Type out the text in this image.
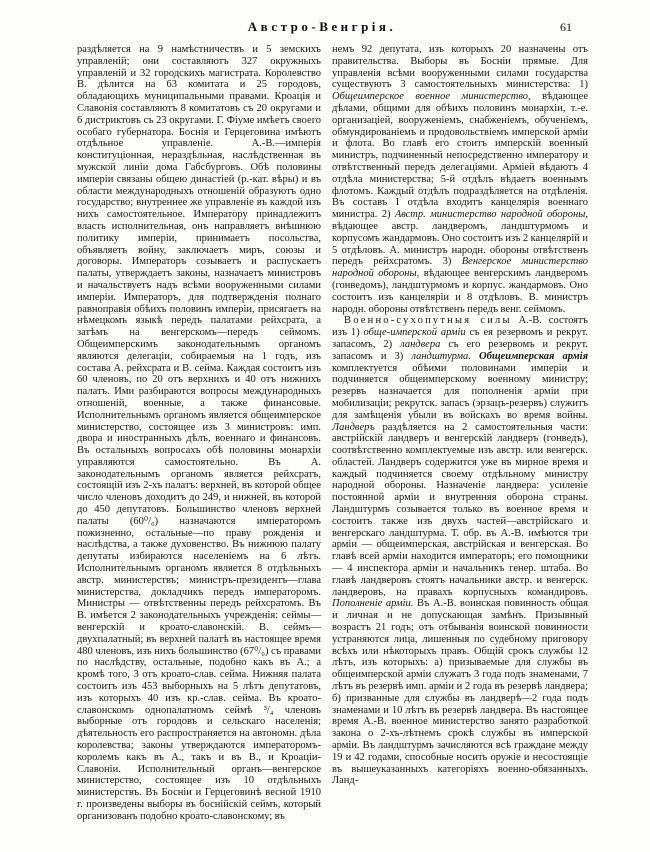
Австро-Венгрія.	61

раздѣляется на 9 намѣстничествъ и 5 земскихъ управленій; они составляютъ 327 окружныхъ управленій и 32 городскихъ магистрата. Королевство В. дѣлится на 63 комитата и 25 городовъ, обладающихъ муниципальными правами. Кроація и Славонія составляютъ 8 комитатовъ съ 20 округами и 6 дистриктовъ съ 23 округами. Г. Фіуме имѣетъ своего особаго губернатора. Боснія и Герцеговина имѣютъ отдѣльное управленіе. А.-В.—имперія конституціонная, нераздѣльная, наслѣдственная въ мужской линіи дома Габсбурговъ. Обѣ половины имперіи связаны общею династіей (р.-кат. вѣры) и въ области международныхъ отношеній образуютъ одно государство; внутреннее же управленіе въ каждой изъ нихъ самостоятельное. Императору принадлежитъ власть исполнительная, онъ направляетъ внѣшнюю политику имперіи, принимаетъ посольства, объявляетъ войну, заключаетъ миръ, союзы и договоры. Императоръ созываетъ и распускаетъ палаты, утверждаетъ законы, назначаетъ министровъ и начальствуетъ надъ всѣми вооруженными силами имперіи. Императоръ, для подтвержденія полнаго равноправія обѣихъ половинъ имперіи, присягаетъ на нѣмецкомъ языкѣ передъ палатами рейхсрата, а затѣмъ на венгерскомъ—передъ сеймомъ. Общеимперскимъ законодательнымъ органомъ являются делегаціи, собираемыя на 1 годъ, изъ состава А. рейхсрата и В. сейма. Каждая состоитъ изъ 60 членовъ, по 20 отъ верхнихъ и 40 отъ нижнихъ палатъ. Ими разбираются вопросы международныхъ отношеній, военные, а также финансовые. Исполнительнымъ органомъ является общеимперское министерство, состоящее изъ 3 министровъ: имп. двора и иностранныхъ дѣлъ, военнаго и финансовъ. Въ остальныхъ вопросахъ обѣ половины монархіи управляются самостоятельно. Въ А. законодательнымъ органомъ является рейхсратъ, состоящій изъ 2-хъ палатъ: верхней, въ которой общее число членовъ доходитъ до 249, и нижней, въ которой до 450 депутатовъ. Большинство членовъ верхней палаты (60⁰/₀) назначаются императоромъ пожизненно, остальные—по праву рожденія и наслѣдства, а также духовенство. Въ нижнюю палату депутаты избираются населеніемъ на 6 лѣтъ. Исполнительнымъ органомъ является 8 отдѣльныхъ австр. министерствъ; министръ-президентъ—глава министерства, докладчикъ передъ императоромъ. Министры — отвѣтственны передъ рейхсратомъ. Въ В. имѣется 2 законодательныхъ учрежденія: сеймы—венгерскій и кроато-славонскій. В. сеймъ—двухпалатный; въ верхней палатѣ въ настоящее время 480 членовъ, изъ нихъ большинство (67⁰/₀) съ правами по наслѣдству, остальные, подобно какъ въ А.; а кромѣ того, 3 отъ кроато-слав. сейма. Нижняя палата состоитъ изъ 453 выборныхъ на 5 лѣтъ депутатовъ, изъ которыхъ 40 изъ кр.-слав. сейма. Въ кроато-славонскомъ однопалатномъ сеймѣ ³/₄ членовъ выборные отъ городовъ и сельскаго населенія; дѣятельность его распространяется на автономн. дѣла королевства; законы утверждаются императоромъ-королемъ какъ въ А., такъ и въ В., и Кроаціи-Славоніи. Исполнительный органъ—венгерское министерство, состоящее изъ 10 отдѣльныхъ министерствъ. Въ Босніи и Герцеговинѣ весной 1910 г. произведены выборы въ боснійскій сеймъ, который организованъ подобно кроато-славонскому; въ

немъ 92 депутата, изъ которыхъ 20 назначены отъ правительства. Выборы въ Босніи прямые. Для управленія всѣми вооруженными силами государства существуютъ 3 самостоятельныхъ министерства: 1) Общеимперское военное министерство, вѣдающее дѣлами, общими для обѣихъ половинъ монархіи, т.-е. организаціей, вооруженіемъ, снабженіемъ, обученіемъ, обмундированіемъ и продовольствіемъ имперской арміи и флота. Во главѣ его стоитъ имперскій военный министръ, подчиненный непосредственно императору и отвѣтственный передъ делегаціями. Арміей вѣдаютъ 4 отдѣла министерства; 5-й отдѣлъ вѣдаетъ военнымъ флотомъ. Каждый отдѣлъ подраздѣляется на отдѣленія. Въ составъ I отдѣла входитъ канцелярія военнаго министра. 2) Австр. министерство народной обороны, вѣдающее австр. ландверомъ, ландштурмомъ и корпусомъ жандармовъ. Оно состоитъ изъ 2 канцелярій и 5 отдѣловъ. А. министръ народн. обороны отвѣтственъ передъ рейхсратомъ. 3) Венгерское министерство народной обороны, вѣдающее венгерскимъ ландверомъ (гонведомъ), ландштурмомъ и корпус. жандармовъ. Оно состоитъ изъ канцеляріи и 8 отдѣловъ. В. министръ народн. обороны отвѣтственъ передъ венг. сеймомъ.

Военно-сухопутныя силы А.-В. состоятъ изъ 1) обще-имперской арміи съ ея резервомъ и рекрут. запасомъ, 2) ландвера съ его резервомъ и рекрут. запасомъ и 3) ландштурма. Общеимперская армія комплектуется обѣими половинами имперіи и подчиняется общеимперскому военному министру; резервъ назначается для пополненія арміи при мобилизаціи; рекрутск. запасъ (эрзацъ-резервъ) служитъ для замѣщенія убыли въ войскахъ во время войны. Ландверъ раздѣляется на 2 самостоятельныя части: австрійскій ландверъ и венгерскій ландверъ (гонведъ), соотвѣтственно комплектуемые изъ австр. или венгерск. областей. Ландверъ содержится уже въ мирное время и каждый подчиняется своему отдѣльному министру народной обороны. Назначеніе ландвера: усиленіе постоянной арміи и внутренняя оборона страны. Ландштурмъ созывается только въ военное время и состоитъ также изъ двухъ частей—австрійскаго и венгерскаго ландштурма. Т. обр. въ А.-В. имѣются три арміи — общеимперская, австрійская и венгерская. Во главѣ всей арміи находится императоръ; его помощники — 4 инспектора арміи и начальникъ генер. штаба. Во главѣ ландверовъ стоятъ начальники австр. и венгерск. ландверовъ, на правахъ корпусныхъ командировъ. Пополненіе арміи. Въ А.-В. воинская повинность общая и личная и не допускающая замѣнъ. Призывный возрастъ 21 годъ; отъ отбыванія воинской повинности устраняются лица, лишенныя по судебному приговору всѣхъ или нѣкоторыхъ правъ. Общій срокъ службы 12 лѣтъ, изъ которыхъ: а) призываемые для службы въ общеимперской арміи служатъ 3 года подъ знаменами, 7 лѣтъ въ резервѣ имп. арміи и 2 года въ резервѣ ландвера; б) призванные для службы въ ландверѣ—2 года подъ знаменами и 10 лѣтъ въ резервѣ ландвера. Въ настоящее время А.-В. военное министерство занято разработкой закона о 2-хъ-лѣтнемъ срокѣ службы въ имперской арміи. Въ ландштурмъ зачисляются всѣ граждане между 19 и 42 годами, способные носить оружіе и несостоящіе въ вышеуказанныхъ категоріяхъ военно-обязанныхъ. Ланд-
